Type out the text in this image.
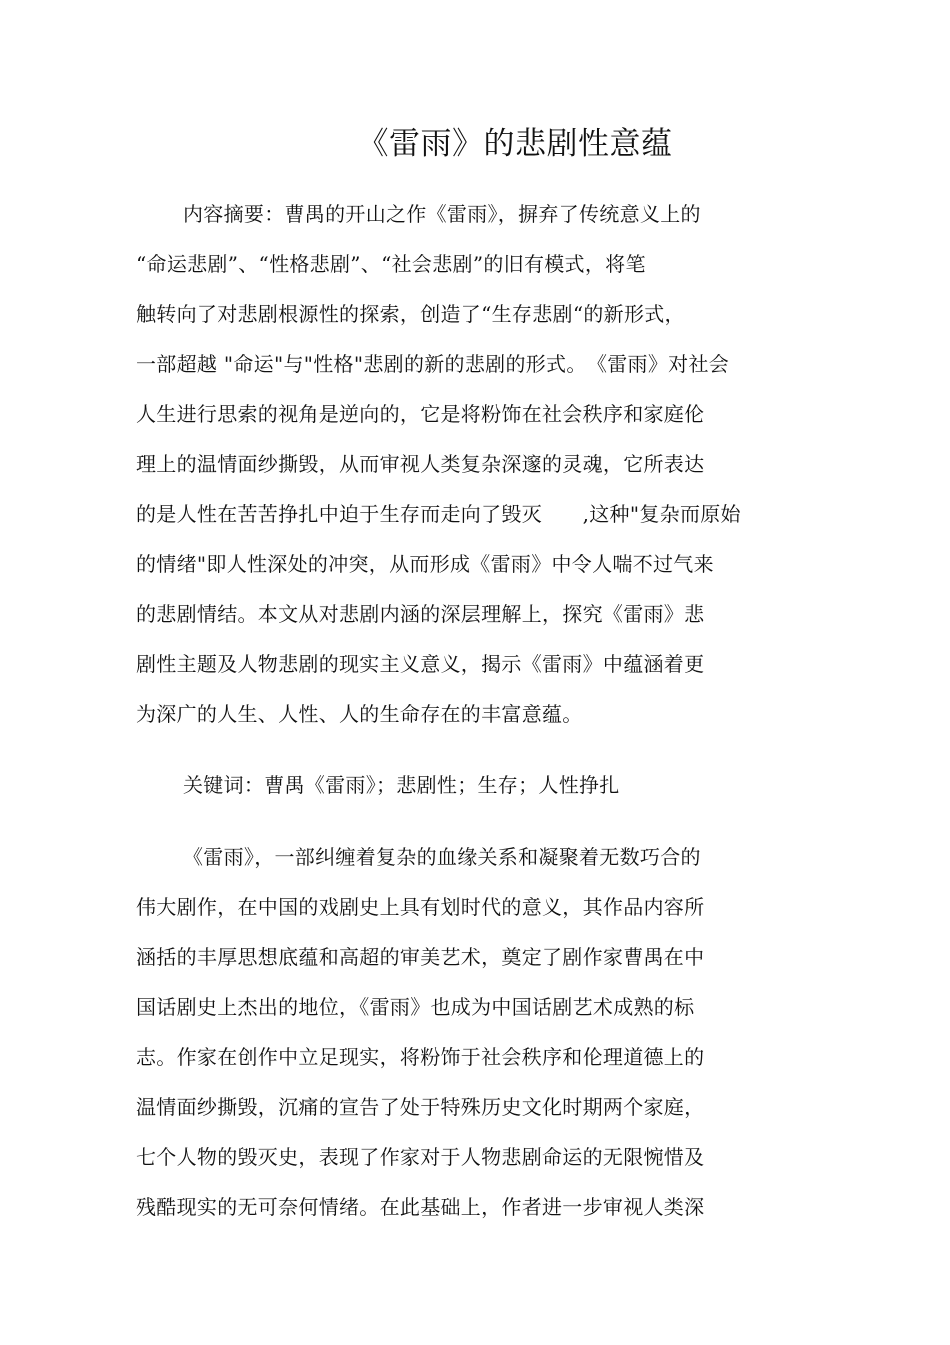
《雷雨》的悲剧性意蕴
内容摘要：曹禺的开山之作《雷雨》，摒弃了传统意义上的
“命运悲剧”、“性格悲剧”、“社会悲剧”的旧有模式，将笔
触转向了对悲剧根源性的探索，创造了“生存悲剧“的新形式，
一部超越 "命运"与"性格"悲剧的新的悲剧的形式。　《雷雨》对社会
人生进行思索的视角是逆向的，它是将粉饰在社会秩序和家庭伦
理上的温情面纱撕毁，从而审视人类复杂深邃的灵魂，它所表达
的是人性在苦苦挣扎中迫于生存而走向了毁灭　　,这种"复杂而原始
的情绪"即人性深处的冲突，从而形成《雷雨》中令人喘不过气来
的悲剧情结。本文从对悲剧内涵的深层理解上，探究《雷雨》悲
剧性主题及人物悲剧的现实主义意义，揭示《雷雨》中蕴涵着更
为深广的人生、人性、人的生命存在的丰富意蕴。
关键词：曹禺《雷雨》；悲剧性；生存；人性挣扎
《雷雨》，一部纠缠着复杂的血缘关系和凝聚着无数巧合的
伟大剧作，在中国的戏剧史上具有划时代的意义，其作品内容所
涵括的丰厚思想底蕴和高超的审美艺术，奠定了剧作家曹禺在中
国话剧史上杰出的地位，《雷雨》也成为中国话剧艺术成熟的标
志。作家在创作中立足现实，将粉饰于社会秩序和伦理道德上的
温情面纱撕毁，沉痛的宣告了处于特殊历史文化时期两个家庭，
七个人物的毁灭史，表现了作家对于人物悲剧命运的无限惋惜及
残酷现实的无可奈何情绪。在此基础上，作者进一步审视人类深
